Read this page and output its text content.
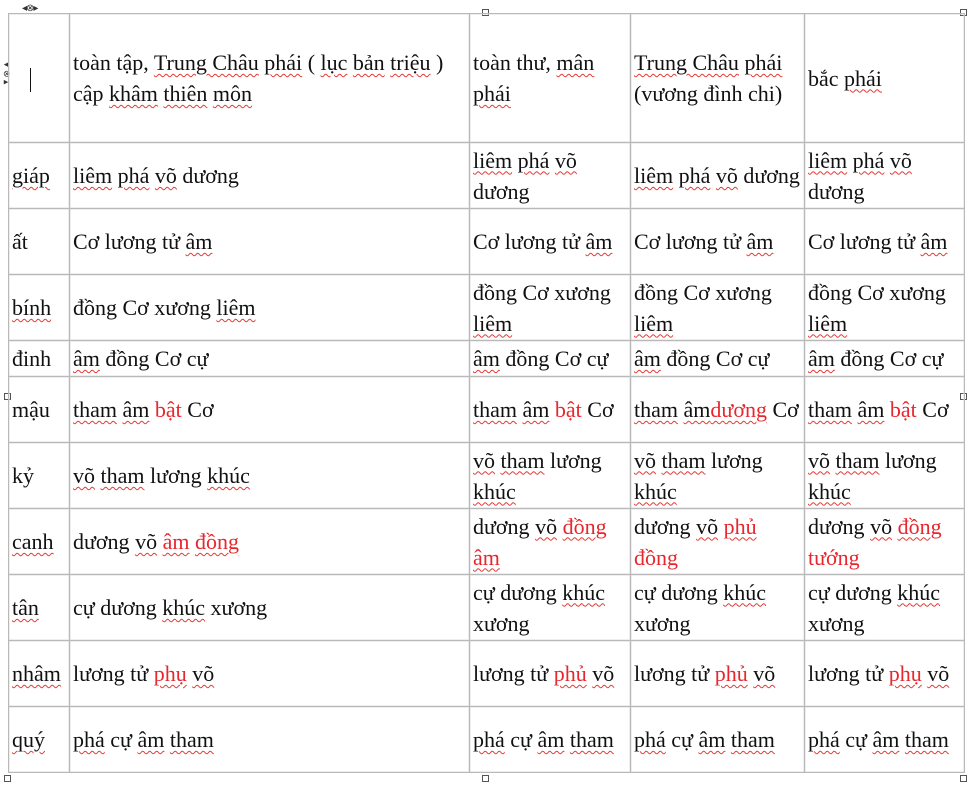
◂⊗▸
◂⊗▸
		toàn tập, Trung Châu phái ( lục bản triệu ) cập khâm thiên môn	toàn thư, mân phái	Trung Châu phái (vương đình chi)	bắc phái
giáp	liêm phá võ dương	liêm phá võ dương	liêm phá võ dương	liêm phá võ dương
ất	Cơ lương tử âm	Cơ lương tử âm	Cơ lương tử âm	Cơ lương tử âm
bính	đồng Cơ xương liêm	đồng Cơ xương liêm	đồng Cơ xương liêm	đồng Cơ xương liêm
đinh	âm đồng Cơ cự	âm đồng Cơ cự	âm đồng Cơ cự	âm đồng Cơ cự
mậu	tham âm bật Cơ	tham âm bật Cơ	tham âmdương Cơ	tham âm bật Cơ
kỷ	võ tham lương khúc	võ tham lương khúc	võ tham lương khúc	võ tham lương khúc
canh	dương võ âm đồng	dương võ đồng âm	dương võ phủ đồng	dương võ đồng tướng
tân	cự dương khúc xương	cự dương khúc xương	cự dương khúc xương	cự dương khúc xương
nhâm	lương tử phụ võ	lương tử phủ võ	lương tử phủ võ	lương tử phụ võ
quý	phá cự âm tham	phá cự âm tham	phá cự âm tham	phá cự âm tham
